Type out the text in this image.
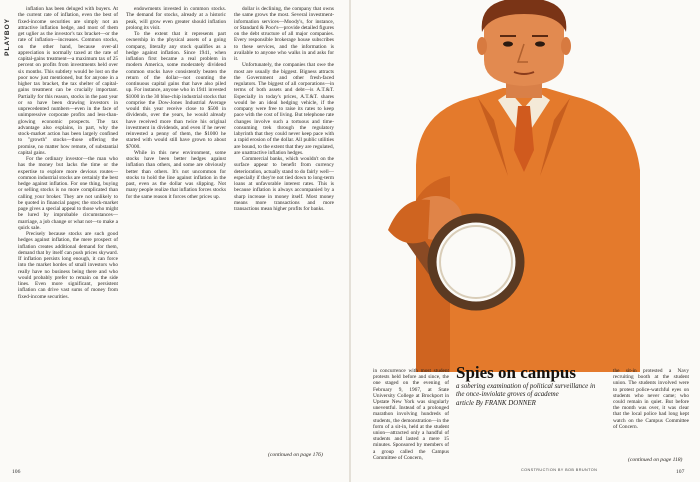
PLAYBOY

inflation has been deluged with buyers. At the current rate of inflation, even the best of fixed-income securities are simply not an attractive inflation hedge, and most of them get uglier as the investor's tax bracket—or the rate of inflation—increases. Common stocks, on the other hand, because over-all appreciation is normally taxed at the rate of capital-gains treatment—a maximum tax of 25 percent on profits from investments held over six months. This subtlety would be lost on the poor now just mentioned, but for anyone in a higher tax bracket, the tax shelter of capital-gains treatment can be crucially important. Partially for this reason, stocks in the past year or so have been drawing investors in unprecedented numbers—even in the face of unimpressive corporate profits and less-than-glowing economic prospects. The tax advantage also explains, in part, why the stock-market action has been largely confined to "growth" stocks—those offering the promise, no matter how remote, of substantial capital gains.

For the ordinary investor—the man who has the money but lacks the time or the expertise to explore more devious routes—common industrial stocks are certainly the best hedge against inflation. For one thing, buying or selling stocks is no more complicated than calling your broker. They are not unlikely to be quoted in financial pages; the stock-market page gives a special appeal to those who might be lured by improbable circumstances—marriage, a job change or what not—to make a quick sale.

Precisely because stocks are such good hedges against inflation, the mere prospect of inflation creates additional demand for them, demand that by itself can push prices skyward. If inflation persists long enough, it can force into the market hordes of small investors who really have no business being there and who would probably prefer to remain on the side lines. Even more significant, persistent inflation can drive vast sums of money from fixed-income securities.

endowments invested in common stocks. The demand for stocks, already at a historic peak, will grow even greater should inflation prolong its visit.

To the extent that it represents part ownership in the physical assets of a going company, literally any stock qualifies as a hedge against inflation. Since 1941, when inflation first became a real problem in modern America, some moderately dividend common stocks have consistently beaten the return of the dollar—not counting the continuous capital gains that have also piled up. For instance, anyone who in 1941 invested $1000 in the 30 blue-chip industrial stocks that comprise the Dow-Jones Industrial Average would this year receive close to $500 in dividends, over the years, he would already have received more than twice his original investment in dividends, and even if he never reinvested a penny of them, the $1000 he started with would still have grown to about $7000.

While in this new environment, some stocks have been better hedges against inflation than others, and some are obviously better than others. It's not uncommon for stocks to hold the line against inflation in the past, even as the dollar was slipping. Not many people realize that inflation forces stocks for the same reason it forces other prices up.

dollar is declining, the company that owns the same grows the most. Several investment-information services—Moody's, for instance, or Standard & Poor's—provide detailed figures on the debt structure of all major companies. Every responsible brokerage house subscribes to these services, and the information is available to anyone who walks in and asks for it.

Unfortunately, the companies that owe the most are usually the biggest. Bigness attracts the Government and other fresh-faced regulators. The biggest of all corporations—in terms of both assets and debt—is A.T.&T. Especially in today's prices, A.T.&T. shares would be an ideal hedging vehicle, if the company were free to raise its rates to keep pace with the cost of living. But telephone rate changes involve such a tortuous and time-consuming trek through the regulatory labyrinth that they could never keep pace with a rapid erosion of the dollar. All public utilities are bound, to the extent that they are regulated, are unattractive inflation hedges.

Commercial banks, which wouldn't on the surface appear to benefit from currency deterioration, actually stand to do fairly well—especially if they're not tied down to long-term loans at unfavorable interest rates. This is because inflation is always accompanied by a sharp increase in money itself. Most money means more transactions and more transactions mean higher profits for banks.

(continued on page 176)
106
Spies on campus
a sobering examination of political surveillance in the once-inviolate groves of academe
article By FRANK DONNER

in concurrence with most student protests held before and since, the one staged on the evening of February 9, 1967, at State University College at Brockport in Upstate New York was singularly uneventful. Instead of a prolonged marathon involving hundreds of students, the demonstration—in the form of a sit-in, held at the student union—attracted only a handful of students and lasted a mere 15 minutes. Sponsored by members of a group called the Campus Committee of Concern,

the sit-in protested a Navy recruiting booth at the student union. The students involved were to protest police-watchful eyes on students who never came; who could remain in quiet. But before the month was over, it was clear that the local police had long kept watch on the Campus Committee of Concern.

(continued on page 118)
CONSTRUCTION BY BOB BRUNTON	107
